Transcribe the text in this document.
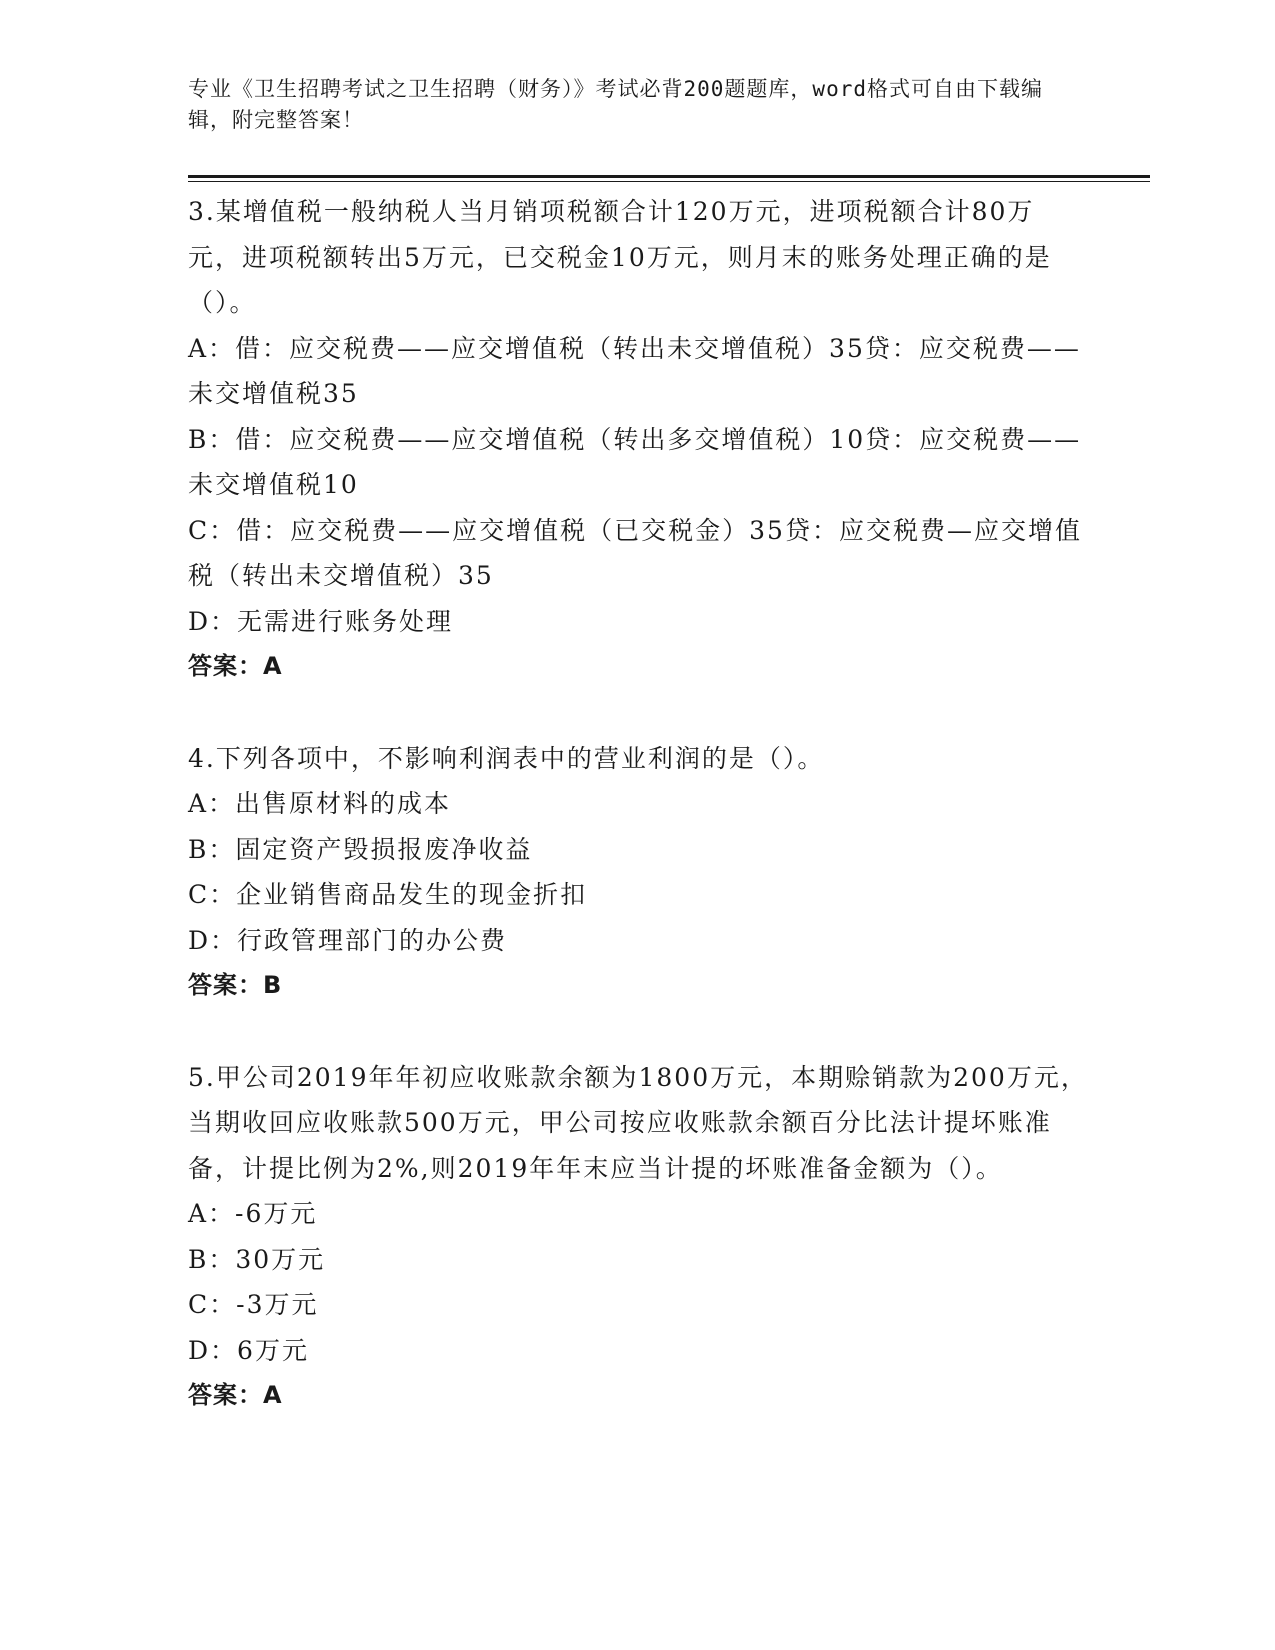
专业《卫生招聘考试之卫生招聘（财务）》考试必背200题题库，word格式可自由下载编辑，附完整答案！
3.某增值税一般纳税人当月销项税额合计120万元，进项税额合计80万元，进项税额转出5万元，已交税金10万元，则月末的账务处理正确的是（）。
A：借：应交税费——应交增值税（转出未交增值税）35贷：应交税费——未交增值税35
B：借：应交税费——应交增值税（转出多交增值税）10贷：应交税费——未交增值税10
C：借：应交税费——应交增值税（已交税金）35贷：应交税费—应交增值税（转出未交增值税）35
D：无需进行账务处理
答案：A
4.下列各项中，不影响利润表中的营业利润的是（）。
A：出售原材料的成本
B：固定资产毁损报废净收益
C：企业销售商品发生的现金折扣
D：行政管理部门的办公费
答案：B
5.甲公司2019年年初应收账款余额为1800万元，本期赊销款为200万元，当期收回应收账款500万元，甲公司按应收账款余额百分比法计提坏账准备，计提比例为2%,则2019年年末应当计提的坏账准备金额为（）。
A：-6万元
B：30万元
C：-3万元
D：6万元
答案：A
